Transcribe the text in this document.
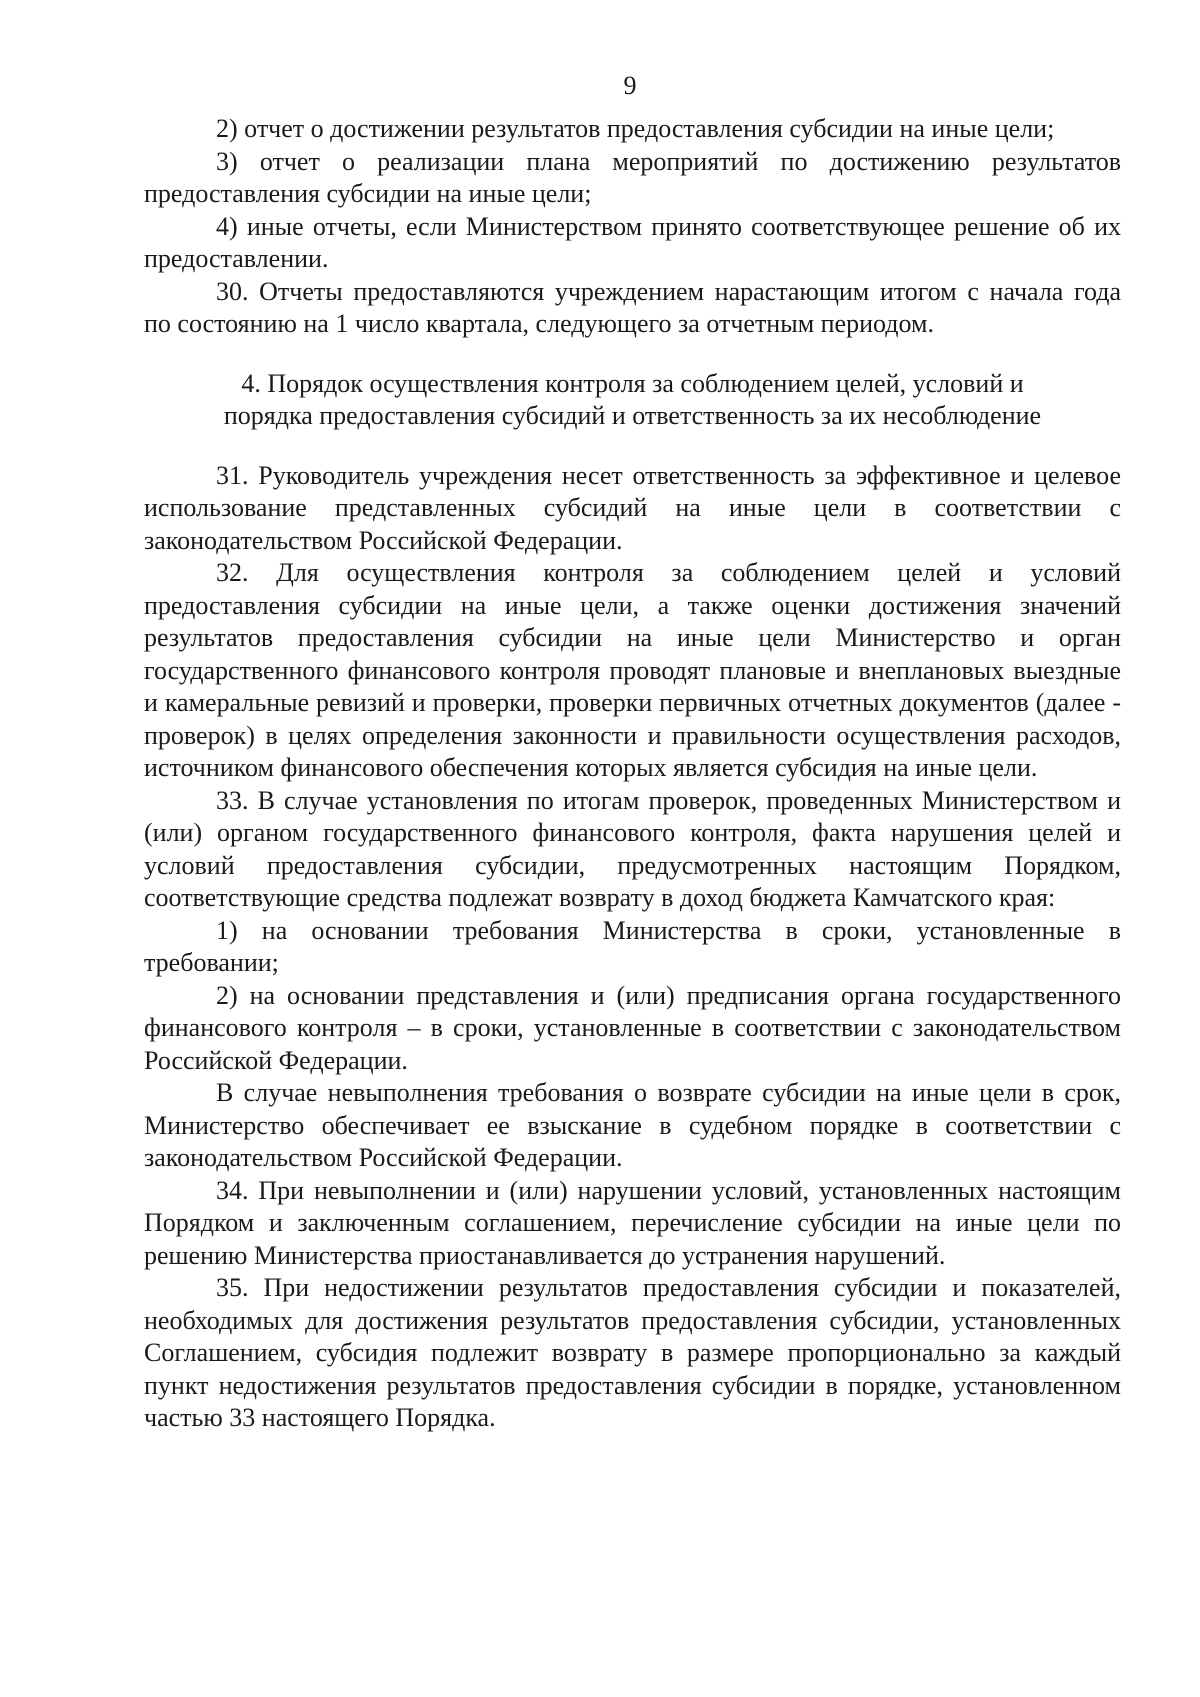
9

2) отчет о достижении результатов предоставления субсидии на иные цели;

3) отчет о реализации плана мероприятий по достижению результатов предоставления субсидии на иные цели;

4) иные отчеты, если Министерством принято соответствующее решение об их предоставлении.

30. Отчеты предоставляются учреждением нарастающим итогом с начала года по состоянию на 1 число квартала, следующего за отчетным периодом.

4. Порядок осуществления контроля за соблюдением целей, условий и
порядка предоставления субсидий и ответственность за их несоблюдение

31. Руководитель учреждения несет ответственность за эффективное и целевое использование представленных субсидий на иные цели в соответствии с законодательством Российской Федерации.

32. Для осуществления контроля за соблюдением целей и условий предоставления субсидии на иные цели, а также оценки достижения значений результатов предоставления субсидии на иные цели Министерство и орган государственного финансового контроля проводят плановые и внеплановых выездные и камеральные ревизий и проверки, проверки первичных отчетных документов (далее - проверок) в целях определения законности и правильности осуществления расходов, источником финансового обеспечения которых является субсидия на иные цели.

33. В случае установления по итогам проверок, проведенных Министерством и (или) органом государственного финансового контроля, факта нарушения целей и условий предоставления субсидии, предусмотренных настоящим Порядком, соответствующие средства подлежат возврату в доход бюджета Камчатского края:

1) на основании требования Министерства в сроки, установленные в требовании;

2) на основании представления и (или) предписания органа государственного финансового контроля – в сроки, установленные в соответствии с законодательством Российской Федерации.

В случае невыполнения требования о возврате субсидии на иные цели в срок, Министерство обеспечивает ее взыскание в судебном порядке в соответствии с законодательством Российской Федерации.

34. При невыполнении и (или) нарушении условий, установленных настоящим Порядком и заключенным соглашением, перечисление субсидии на иные цели по решению Министерства приостанавливается до устранения нарушений.

35. При недостижении результатов предоставления субсидии и показателей, необходимых для достижения результатов предоставления субсидии, установленных Соглашением, субсидия подлежит возврату в размере пропорционально за каждый пункт недостижения результатов предоставления субсидии в порядке, установленном частью 33 настоящего Порядка.
